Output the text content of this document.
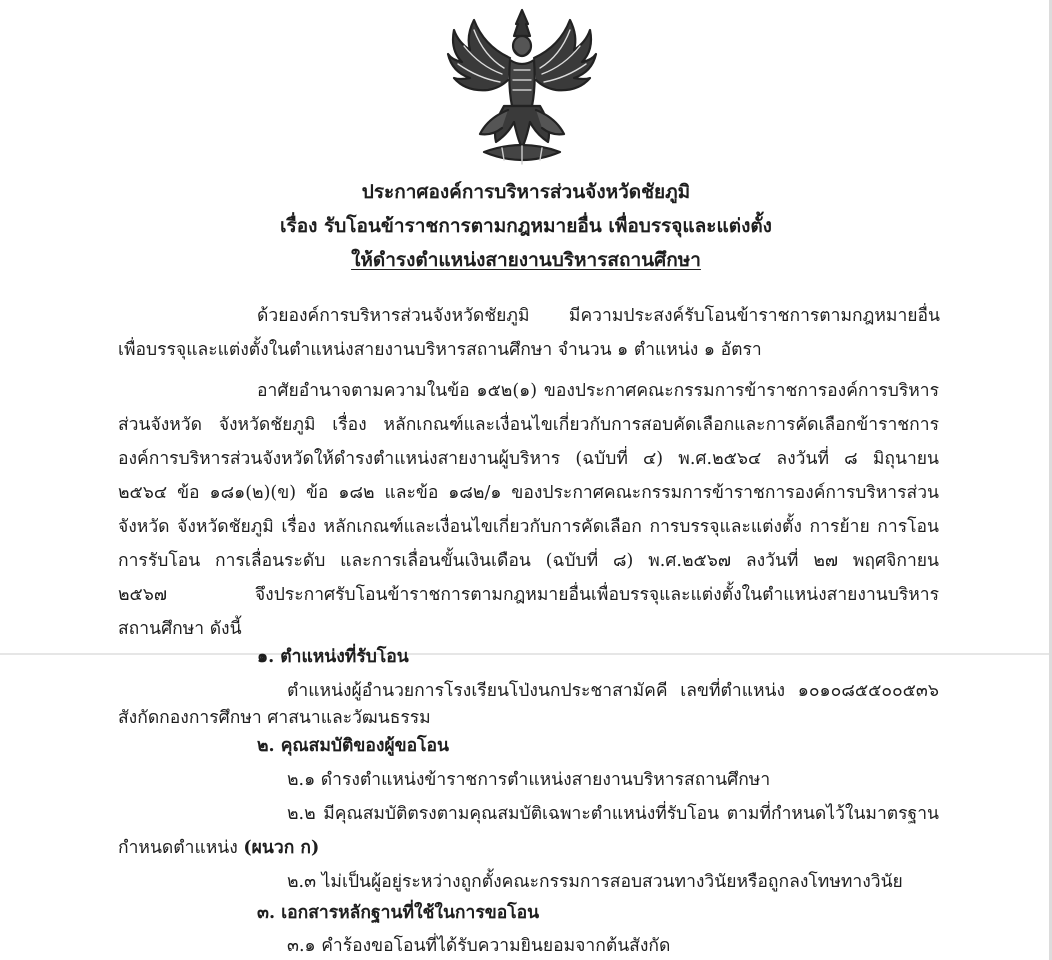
ประกาศองค์การบริหารส่วนจังหวัดชัยภูมิ
เรื่อง รับโอนข้าราชการตามกฎหมายอื่น เพื่อบรรจุและแต่งตั้ง
ให้ดำรงตำแหน่งสายงานบริหารสถานศึกษา
ด้วยองค์การบริหารส่วนจังหวัดชัยภูมิ มีความประสงค์รับโอนข้าราชการตามกฎหมายอื่น
เพื่อบรรจุและแต่งตั้งในตำแหน่งสายงานบริหารสถานศึกษา จำนวน ๑ ตำแหน่ง ๑ อัตรา
อาศัยอำนาจตามความในข้อ ๑๕๒(๑) ของประกาศคณะกรรมการข้าราชการองค์การบริหาร
ส่วนจังหวัด จังหวัดชัยภูมิ เรื่อง หลักเกณฑ์และเงื่อนไขเกี่ยวกับการสอบคัดเลือกและการคัดเลือกข้าราชการ
องค์การบริหารส่วนจังหวัดให้ดำรงตำแหน่งสายงานผู้บริหาร (ฉบับที่ ๔) พ.ศ.๒๕๖๔ ลงวันที่ ๘ มิถุนายน
๒๕๖๔ ข้อ ๑๘๑(๒)(ข) ข้อ ๑๘๒ และข้อ ๑๘๒/๑ ของประกาศคณะกรรมการข้าราชการองค์การบริหารส่วน
จังหวัด จังหวัดชัยภูมิ เรื่อง หลักเกณฑ์และเงื่อนไขเกี่ยวกับการคัดเลือก การบรรจุและแต่งตั้ง การย้าย การโอน
การรับโอน การเลื่อนระดับ และการเลื่อนขั้นเงินเดือน (ฉบับที่ ๘) พ.ศ.๒๕๖๗ ลงวันที่ ๒๗ พฤศจิกายน
๒๕๖๗ จึงประกาศรับโอนข้าราชการตามกฎหมายอื่นเพื่อบรรจุและแต่งตั้งในตำแหน่งสายงานบริหาร
สถานศึกษา ดังนี้
๑. ตำแหน่งที่รับโอน
ตำแหน่งผู้อำนวยการโรงเรียนโป่งนกประชาสามัคคี เลขที่ตำแหน่ง ๑๐๑๐๘๕๕๐๐๕๓๖
สังกัดกองการศึกษา ศาสนาและวัฒนธรรม
๒. คุณสมบัติของผู้ขอโอน
๒.๑ ดำรงตำแหน่งข้าราชการตำแหน่งสายงานบริหารสถานศึกษา
๒.๒ มีคุณสมบัติตรงตามคุณสมบัติเฉพาะตำแหน่งที่รับโอน ตามที่กำหนดไว้ในมาตรฐาน
กำหนดตำแหน่ง (ผนวก ก)
๒.๓ ไม่เป็นผู้อยู่ระหว่างถูกตั้งคณะกรรมการสอบสวนทางวินัยหรือถูกลงโทษทางวินัย
๓. เอกสารหลักฐานที่ใช้ในการขอโอน
๓.๑ คำร้องขอโอนที่ได้รับความยินยอมจากต้นสังกัด
